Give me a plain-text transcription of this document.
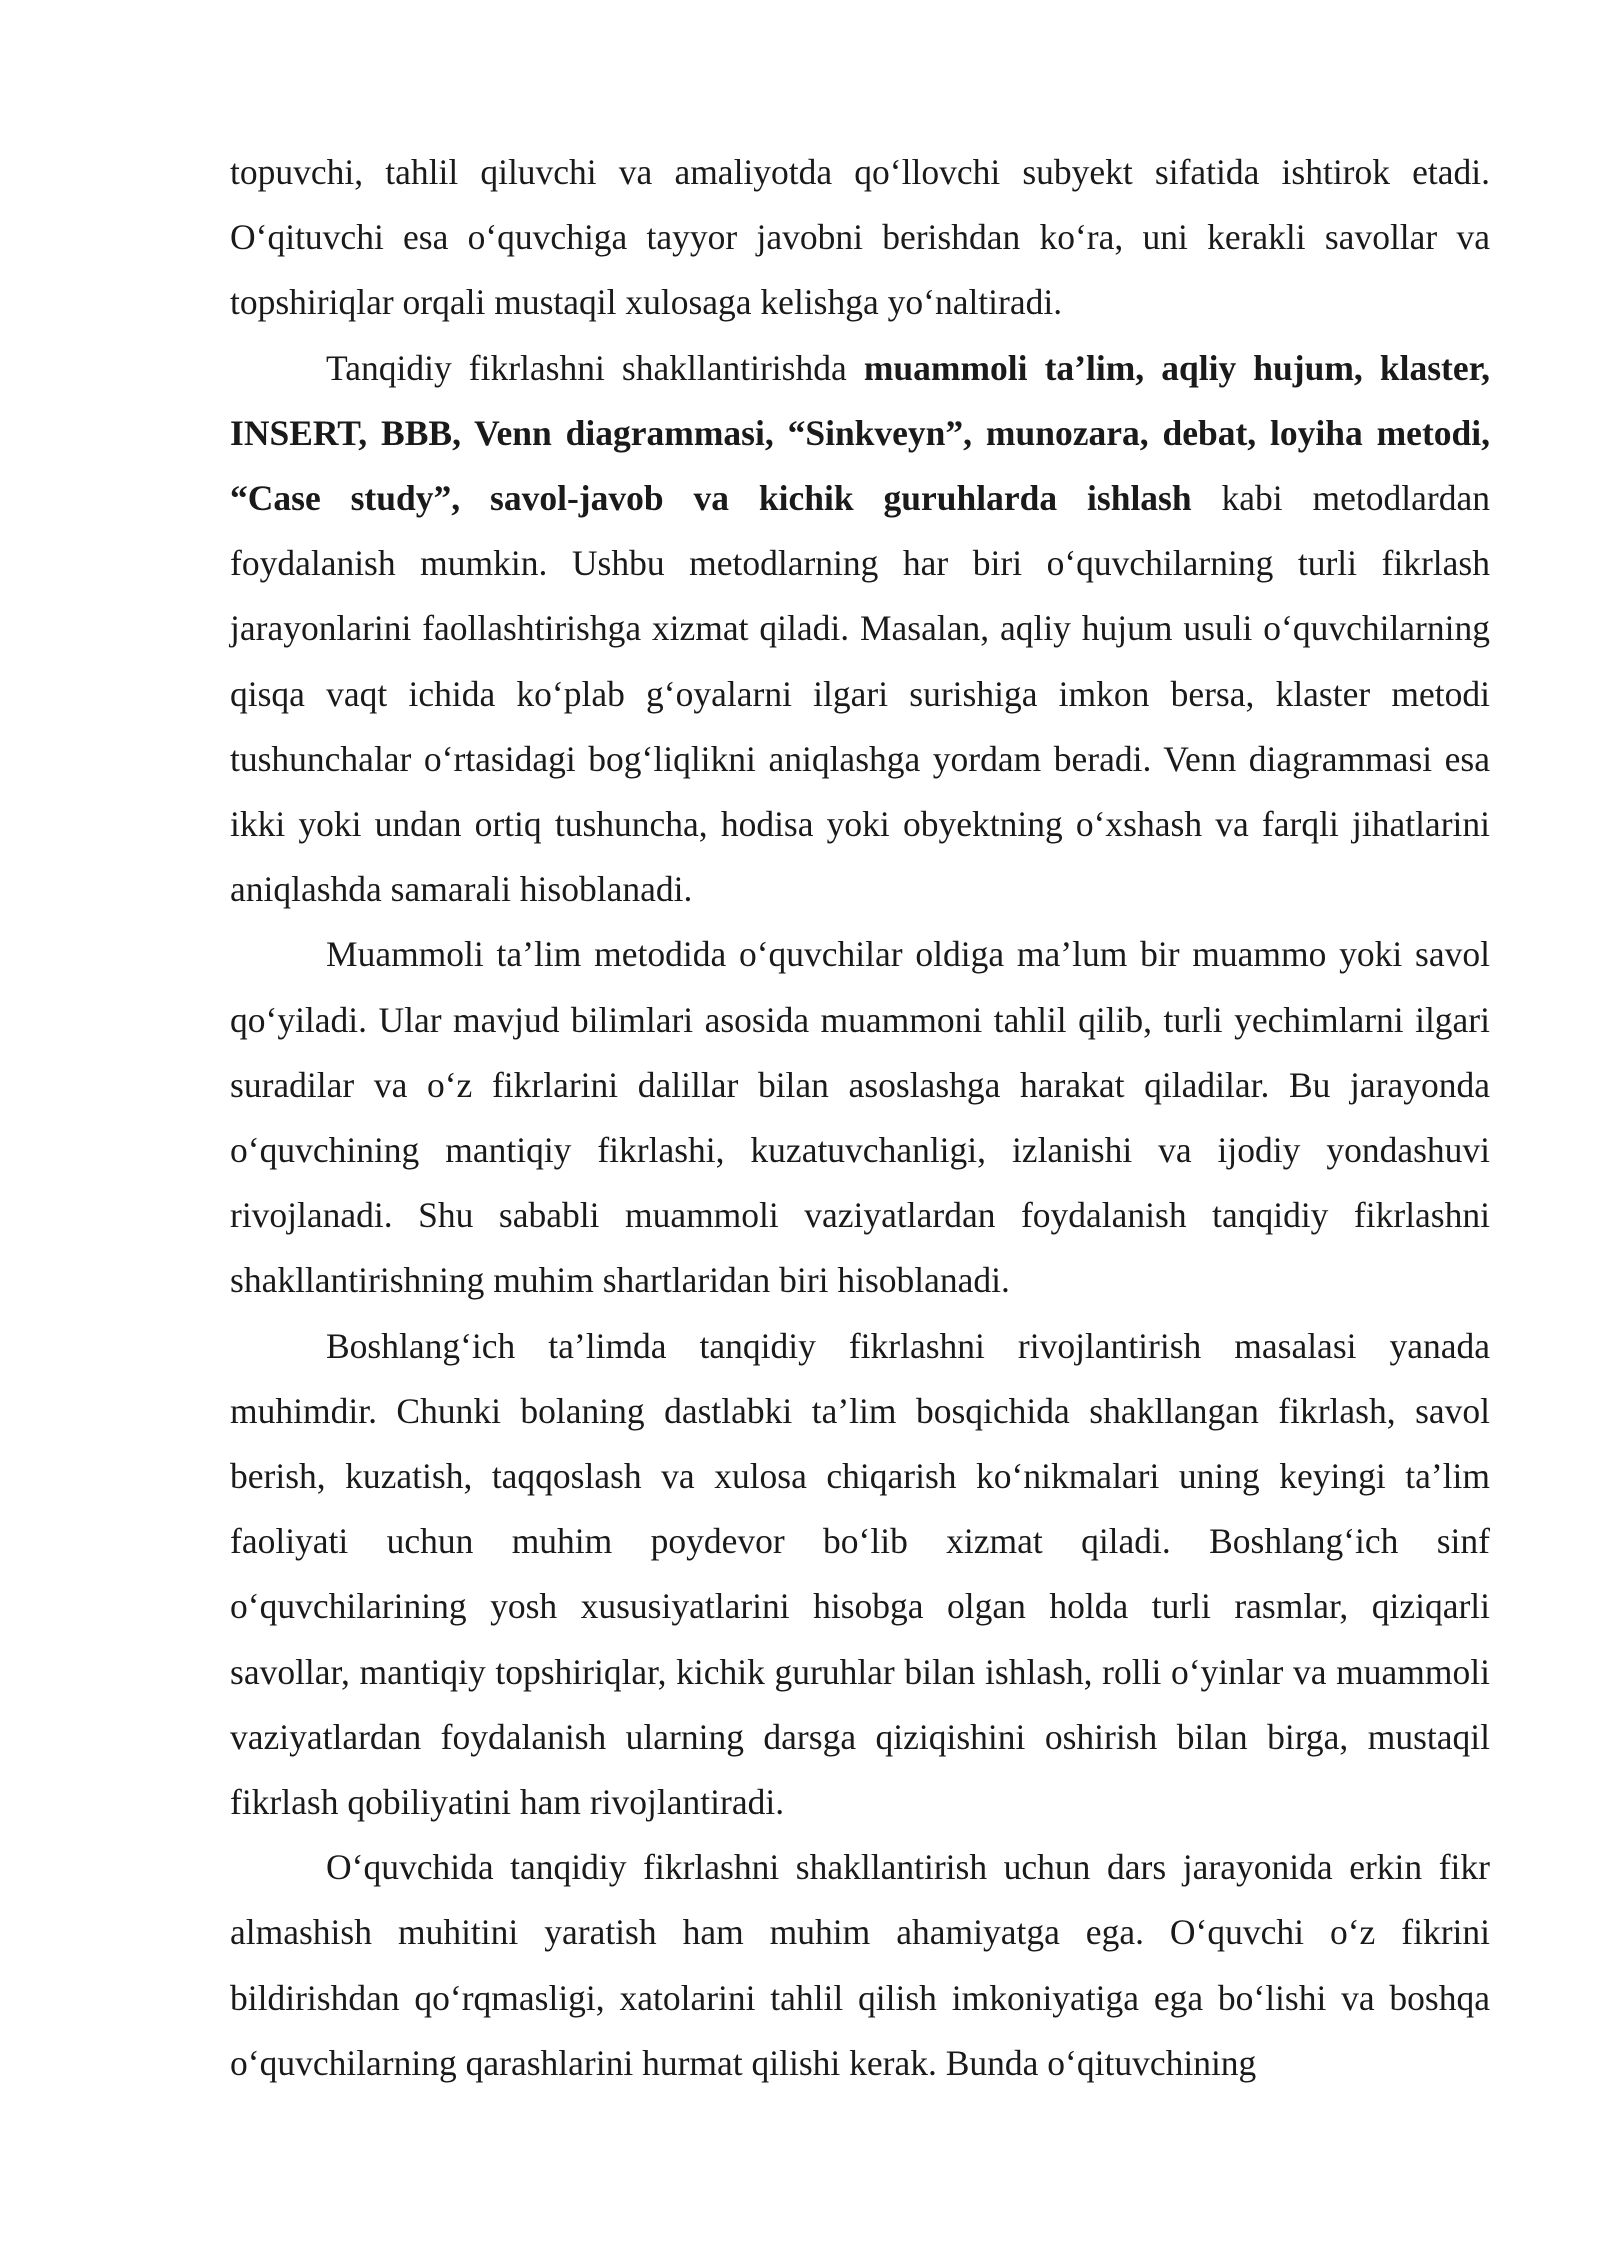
topuvchi, tahlil qiluvchi va amaliyotda qo‘llovchi subyekt sifatida ishtirok etadi. O‘qituvchi esa o‘quvchiga tayyor javobni berishdan ko‘ra, uni kerakli savollar va topshiriqlar orqali mustaqil xulosaga kelishga yo‘naltiradi.

Tanqidiy fikrlashni shakllantirishda muammoli ta’lim, aqliy hujum, klaster, INSERT, BBB, Venn diagrammasi, “Sinkveyn”, munozara, debat, loyiha metodi, “Case study”, savol-javob va kichik guruhlarda ishlash kabi metodlardan foydalanish mumkin. Ushbu metodlarning har biri o‘quvchilarning turli fikrlash jarayonlarini faollashtirishga xizmat qiladi. Masalan, aqliy hujum usuli o‘quvchilarning qisqa vaqt ichida ko‘plab g‘oyalarni ilgari surishiga imkon bersa, klaster metodi tushunchalar o‘rtasidagi bog‘liqlikni aniqlashga yordam beradi. Venn diagrammasi esa ikki yoki undan ortiq tushuncha, hodisa yoki obyektning o‘xshash va farqli jihatlarini aniqlashda samarali hisoblanadi.

Muammoli ta’lim metodida o‘quvchilar oldiga ma’lum bir muammo yoki savol qo‘yiladi. Ular mavjud bilimlari asosida muammoni tahlil qilib, turli yechimlarni ilgari suradilar va o‘z fikrlarini dalillar bilan asoslashga harakat qiladilar. Bu jarayonda o‘quvchining mantiqiy fikrlashi, kuzatuvchanligi, izlanishi va ijodiy yondashuvi rivojlanadi. Shu sababli muammoli vaziyatlardan foydalanish tanqidiy fikrlashni shakllantirishning muhim shartlaridan biri hisoblanadi.

Boshlang‘ich ta’limda tanqidiy fikrlashni rivojlantirish masalasi yanada muhimdir. Chunki bolaning dastlabki ta’lim bosqichida shakllangan fikrlash, savol berish, kuzatish, taqqoslash va xulosa chiqarish ko‘nikmalari uning keyingi ta’lim faoliyati uchun muhim poydevor bo‘lib xizmat qiladi. Boshlang‘ich sinf o‘quvchilarining yosh xususiyatlarini hisobga olgan holda turli rasmlar, qiziqarli savollar, mantiqiy topshiriqlar, kichik guruhlar bilan ishlash, rolli o‘yinlar va muammoli vaziyatlardan foydalanish ularning darsga qiziqishini oshirish bilan birga, mustaqil fikrlash qobiliyatini ham rivojlantiradi.

O‘quvchida tanqidiy fikrlashni shakllantirish uchun dars jarayonida erkin fikr almashish muhitini yaratish ham muhim ahamiyatga ega. O‘quvchi o‘z fikrini bildirishdan qo‘rqmasligi, xatolarini tahlil qilish imkoniyatiga ega bo‘lishi va boshqa o‘quvchilarning qarashlarini hurmat qilishi kerak. Bunda o‘qituvchining
